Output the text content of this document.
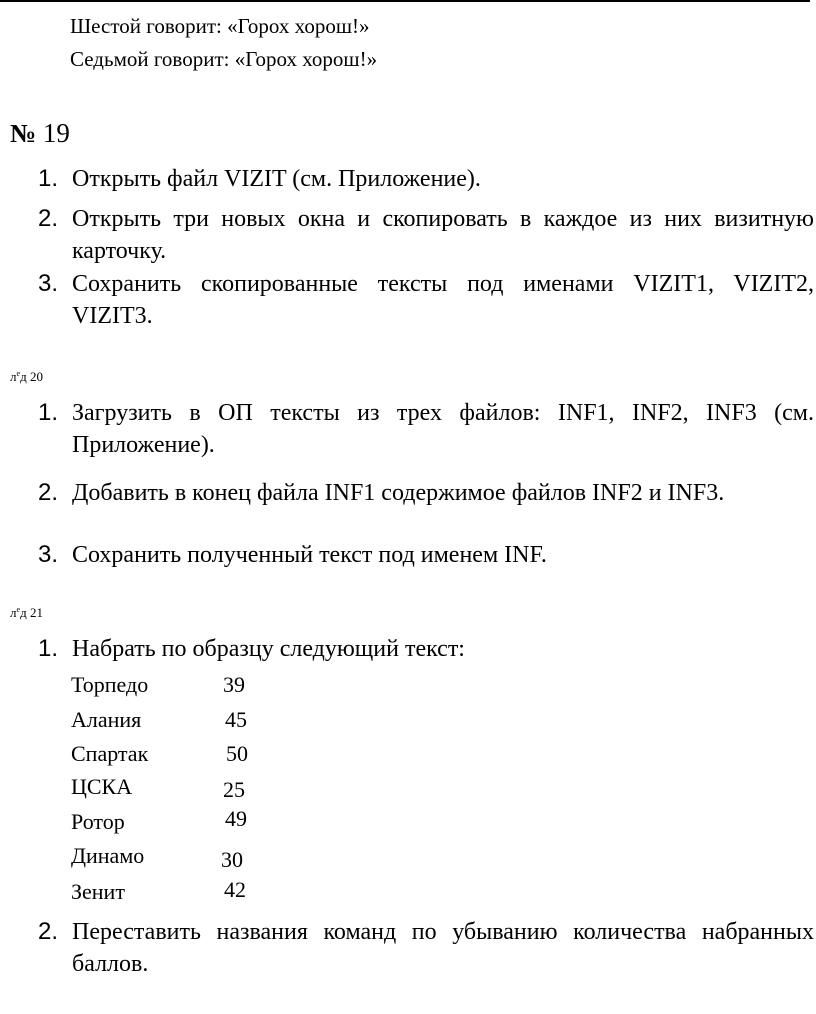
Шестой говорит: «Горох хорош!»
Седьмой говорит: «Горох хорош!»
№ 19
1. Открыть файл VIZIT (см. Приложение).
2. Открыть три новых окна и скопировать в каждое из них визитную карточку.
3. Сохранить скопированные тексты под именами VIZIT1, VIZIT2, VIZIT3.
$л^ед$ 20
1. Загрузить в ОП тексты из трех файлов: INF1, INF2, INF3 (см. Приложение).
2. Добавить в конец файла INF1 содержимое файлов INF2 и INF3.
3. Сохранить полученный текст под именем INF.
$л^ед$ 21
1. Набрать по образцу следующий текст:
Торпедо	39
Алания	45
Спартак	50
ЦСКА	25
Ротор	49
Динамо	30
Зенит	42
2. Переставить названия команд по убыванию количества набранных баллов.
